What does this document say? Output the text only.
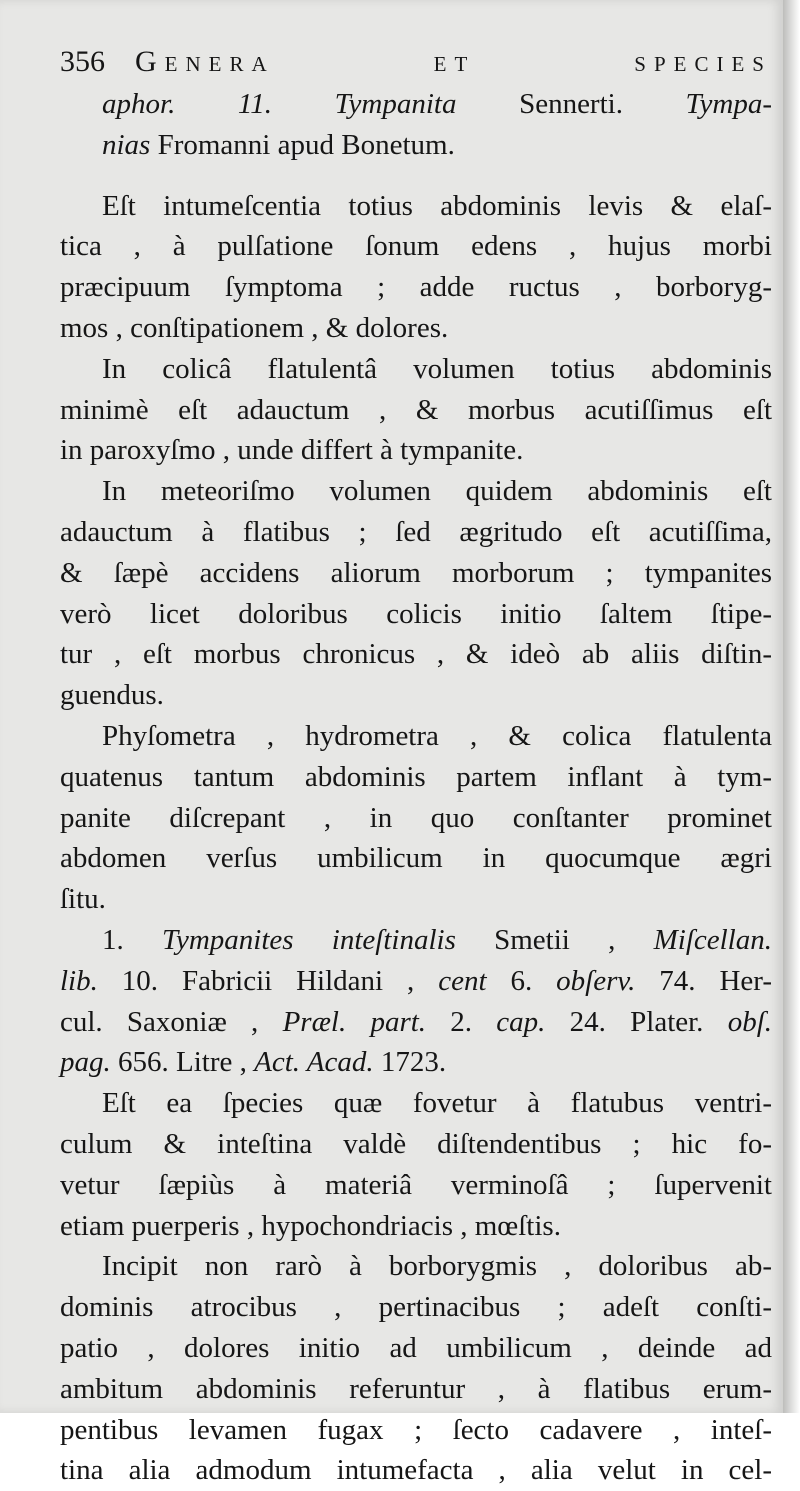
356 Genera et species
aphor. 11. Tympanita Sennerti. Tympa-
nias Fromanni apud Bonetum.
Eſt intumeſcentia totius abdominis levis & elaſ-
tica , à pulſatione ſonum edens , hujus morbi
præcipuum ſymptoma ; adde ructus , borboryg-
mos , conſtipationem , & dolores.
In colicâ flatulentâ volumen totius abdominis
minimè eſt adauctum , & morbus acutiſſimus eſt
in paroxyſmo , unde differt à tympanite.
In meteoriſmo volumen quidem abdominis eſt
adauctum à flatibus ; ſed ægritudo eſt acutiſſima,
& ſæpè accidens aliorum morborum ; tympanites
verò licet doloribus colicis initio ſaltem ſtipe-
tur , eſt morbus chronicus , & ideò ab aliis diſtin-
guendus.
Phyſometra , hydrometra , & colica flatulenta
quatenus tantum abdominis partem inflant à tym-
panite diſcrepant , in quo conſtanter prominet
abdomen verſus umbilicum in quocumque ægri
ſitu.
1. Tympanites inteſtinalis Smetii , Miſcellan.
lib. 10. Fabricii Hildani , cent 6. obſerv. 74. Her-
cul. Saxoniæ , Præl. part. 2. cap. 24. Plater. obſ.
pag. 656. Litre , Act. Acad. 1723.
Eſt ea ſpecies quæ fovetur à flatubus ventri-
culum & inteſtina valdè diſtendentibus ; hic fo-
vetur ſæpiùs à materiâ verminoſâ ; ſupervenit
etiam puerperis , hypochondriacis , mœſtis.
Incipit non rarò à borborygmis , doloribus ab-
dominis atrocibus , pertinacibus ; adeſt conſti-
patio , dolores initio ad umbilicum , deinde ad
ambitum abdominis referuntur , à flatibus erum-
pentibus levamen fugax ; ſecto cadavere , inteſ-
tina alia admodum intumefacta , alia velut in cel-
